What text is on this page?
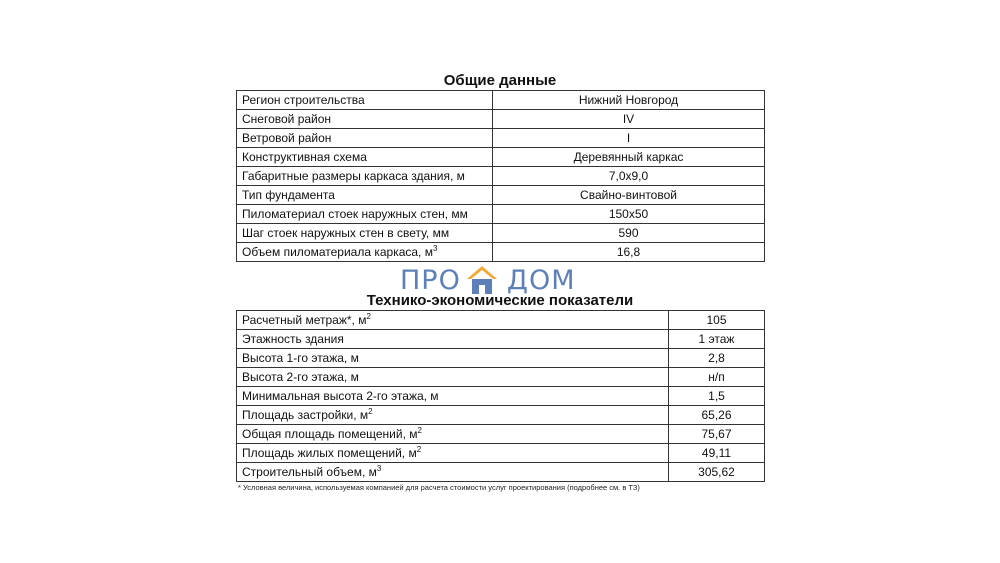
Общие данные
Регион строительства	Нижний Новгород
Снеговой район	IV
Ветровой район	I
Конструктивная схема	Деревянный каркас
Габаритные размеры каркаса здания, м	7,0х9,0
Тип фундамента	Свайно-винтовой
Пиломатериал стоек наружных стен, мм	150х50
Шаг стоек наружных стен в свету, мм	590
Объем пиломатериала каркаса, $м^3$	16,8
ПРО ДОМ
Технико-экономические показатели
Расчетный метраж*, $м^2$	105
Этажность здания	1 этаж
Высота 1-го этажа, м	2,8
Высота 2-го этажа, м	н/п
Минимальная высота 2-го этажа, м	1,5
Площадь застройки, $м^2$	65,26
Общая площадь помещений, $м^2$	75,67
Площадь жилых помещений, $м^2$	49,11
Строительный объем, $м^3$	305,62
* Условная величина, используемая компанией для расчета стоимости услуг проектирования (подробнее см. в ТЗ)
